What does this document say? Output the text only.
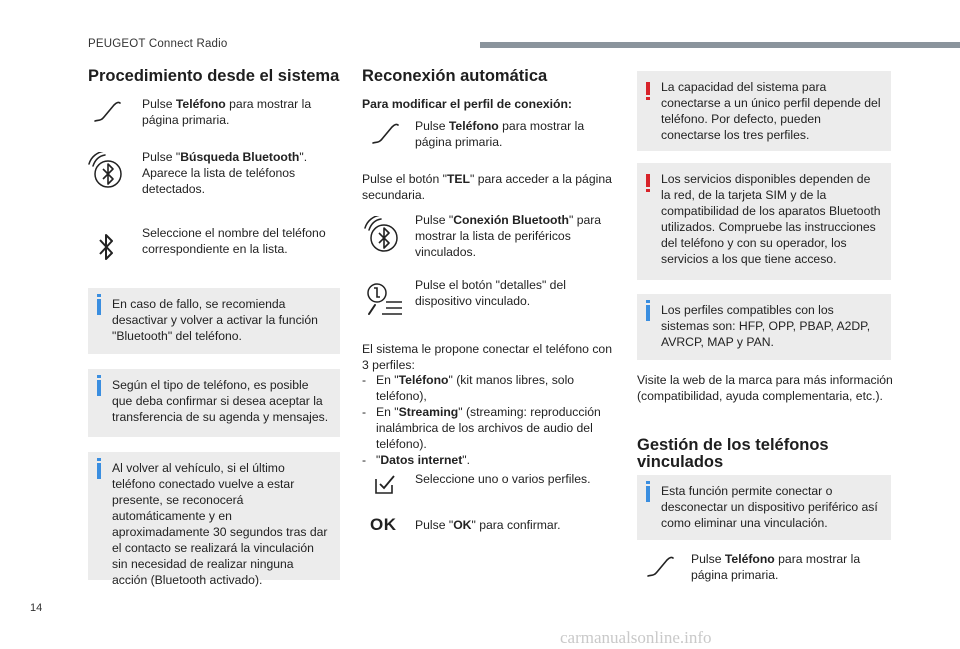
PEUGEOT Connect Radio
14
carmanualsonline.info
Procedimiento desde el sistema
Pulse Teléfono para mostrar la página primaria.
Pulse "Búsqueda Bluetooth". Aparece la lista de teléfonos detectados.
Seleccione el nombre del teléfono correspondiente en la lista.
En caso de fallo, se recomienda desactivar y volver a activar la función "Bluetooth" del teléfono.
Según el tipo de teléfono, es posible que deba confirmar si desea aceptar la transferencia de su agenda y mensajes.
Al volver al vehículo, si el último teléfono conectado vuelve a estar presente, se reconocerá automáticamente y en aproximadamente 30 segundos tras dar el contacto se realizará la vinculación sin necesidad de realizar ninguna acción (Bluetooth activado).
Reconexión automática
Para modificar el perfil de conexión:
Pulse Teléfono para mostrar la página primaria.
Pulse el botón "TEL" para acceder a la página secundaria.
Pulse "Conexión Bluetooth" para mostrar la lista de periféricos vinculados.
Pulse el botón "detalles" del dispositivo vinculado.
El sistema le propone conectar el teléfono con 3 perfiles:
- En "Teléfono" (kit manos libres, solo teléfono),
- En "Streaming" (streaming: reproducción inalámbrica de los archivos de audio del teléfono).
- "Datos internet".
Seleccione uno o varios perfiles.
OK Pulse "OK" para confirmar.
La capacidad del sistema para conectarse a un único perfil depende del teléfono. Por defecto, pueden conectarse los tres perfiles.
Los servicios disponibles dependen de la red, de la tarjeta SIM y de la compatibilidad de los aparatos Bluetooth utilizados. Compruebe las instrucciones del teléfono y con su operador, los servicios a los que tiene acceso.
Los perfiles compatibles con los sistemas son: HFP, OPP, PBAP, A2DP, AVRCP, MAP y PAN.
Visite la web de la marca para más información (compatibilidad, ayuda complementaria, etc.).
Gestión de los teléfonos vinculados
Esta función permite conectar o desconectar un dispositivo periférico así como eliminar una vinculación.
Pulse Teléfono para mostrar la página primaria.
